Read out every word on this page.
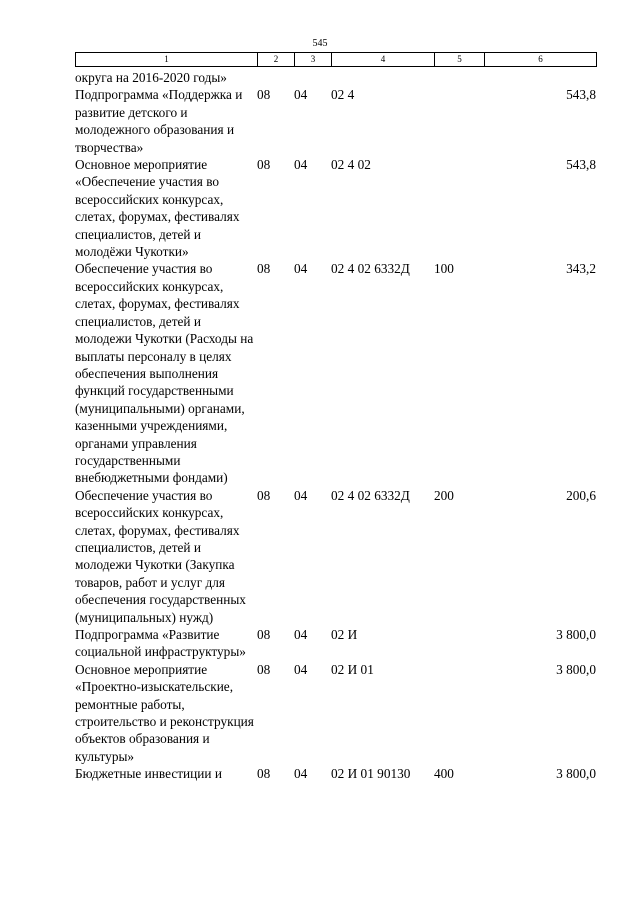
545
1	2	3	4	5	6
округа на 2016-2020 годы»					
Подпрограмма «Поддержка и развитие детского и молодежного образования и творчества»	08	04	02 4		543,8
Основное мероприятие «Обеспечение участия во всероссийских конкурсах, слетах, форумах, фестивалях специалистов, детей и молодёжи Чукотки»	08	04	02 4 02		543,8
Обеспечение участия во всероссийских конкурсах, слетах, форумах, фестивалях специалистов, детей и молодежи Чукотки (Расходы на выплаты персоналу в целях обеспечения выполнения функций государственными (муниципальными) органами, казенными учреждениями, органами управления государственными внебюджетными фондами)	08	04	02 4 02 6332Д	100	343,2
Обеспечение участия во всероссийских конкурсах, слетах, форумах, фестивалях специалистов, детей и молодежи Чукотки (Закупка товаров, работ и услуг для обеспечения государственных (муниципальных) нужд)	08	04	02 4 02 6332Д	200	200,6
Подпрограмма «Развитие социальной инфраструктуры»	08	04	02 И		3 800,0
Основное мероприятие «Проектно-изыскательские, ремонтные работы, строительство и реконструкция объектов образования и культуры»	08	04	02 И 01		3 800,0
Бюджетные инвестиции и	08	04	02 И 01 90130	400	3 800,0
